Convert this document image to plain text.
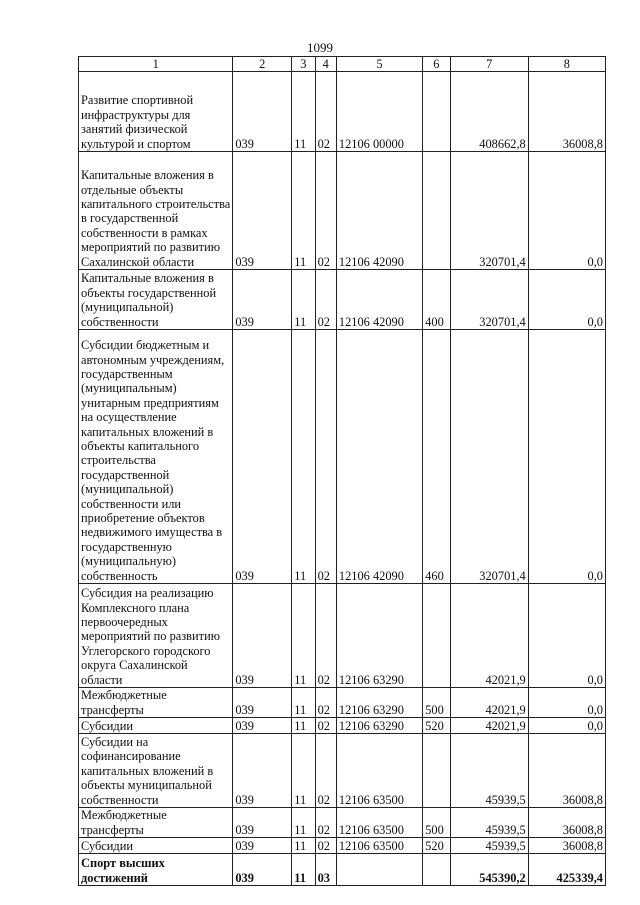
1099
1	2	3	4	5	6	7	8
Развитие спортивной инфраструктуры для занятий физической культурой и спортом	039	11	02	12106 00000		408662,8	36008,8
Капитальные вложения в отдельные объекты капитального строительства в государственной собственности в рамках мероприятий по развитию Сахалинской области	039	11	02	12106 42090		320701,4	0,0
Капитальные вложения в объекты государственной (муниципальной) собственности	039	11	02	12106 42090	400	320701,4	0,0
Субсидии бюджетным и автономным учреждениям, государственным (муниципальным) унитарным предприятиям на осуществление капитальных вложений в объекты капитального строительства государственной (муниципальной) собственности или приобретение объектов недвижимого имущества в государственную (муниципальную) собственность	039	11	02	12106 42090	460	320701,4	0,0
Субсидия на реализацию Комплексного плана первоочередных мероприятий по развитию Углегорского городского округа Сахалинской области	039	11	02	12106 63290		42021,9	0,0
Межбюджетные трансферты	039	11	02	12106 63290	500	42021,9	0,0
Субсидии	039	11	02	12106 63290	520	42021,9	0,0
Субсидии на софинансирование капитальных вложений в объекты муниципальной собственности	039	11	02	12106 63500		45939,5	36008,8
Межбюджетные трансферты	039	11	02	12106 63500	500	45939,5	36008,8
Субсидии	039	11	02	12106 63500	520	45939,5	36008,8
Спорт высших достижений	039	11	03			545390,2	425339,4
